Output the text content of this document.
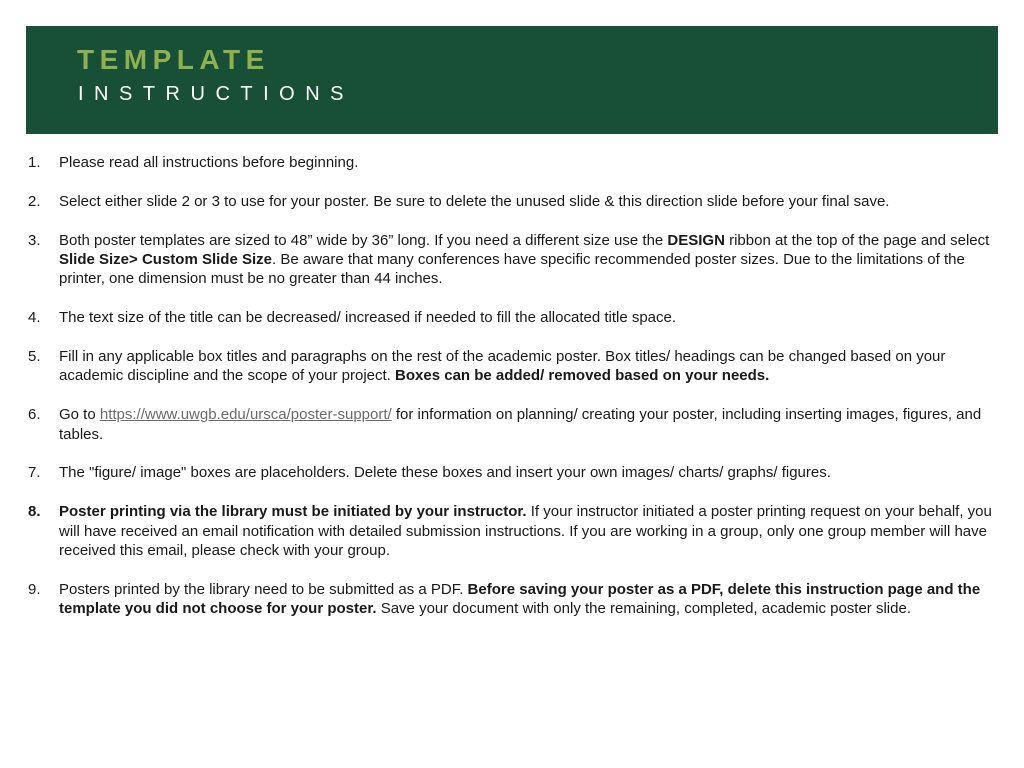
TEMPLATE
INSTRUCTIONS
1. Please read all instructions before beginning.
2. Select either slide 2 or 3 to use for your poster. Be sure to delete the unused slide & this direction slide before your final save.
3. Both poster templates are sized to 48” wide by 36” long. If you need a different size use the DESIGN ribbon at the top of the page and select Slide Size> Custom Slide Size. Be aware that many conferences have specific recommended poster sizes. Due to the limitations of the printer, one dimension must be no greater than 44 inches.
4. The text size of the title can be decreased/ increased if needed to fill the allocated title space.
5. Fill in any applicable box titles and paragraphs on the rest of the academic poster. Box titles/ headings can be changed based on your academic discipline and the scope of your project. Boxes can be added/ removed based on your needs.
6. Go to https://www.uwgb.edu/ursca/poster-support/ for information on planning/ creating your poster, including inserting images, figures, and tables.
7. The "figure/ image" boxes are placeholders. Delete these boxes and insert your own images/ charts/ graphs/ figures.
8. Poster printing via the library must be initiated by your instructor. If your instructor initiated a poster printing request on your behalf, you will have received an email notification with detailed submission instructions. If you are working in a group, only one group member will have received this email, please check with your group.
9. Posters printed by the library need to be submitted as a PDF. Before saving your poster as a PDF, delete this instruction page and the template you did not choose for your poster. Save your document with only the remaining, completed, academic poster slide.
